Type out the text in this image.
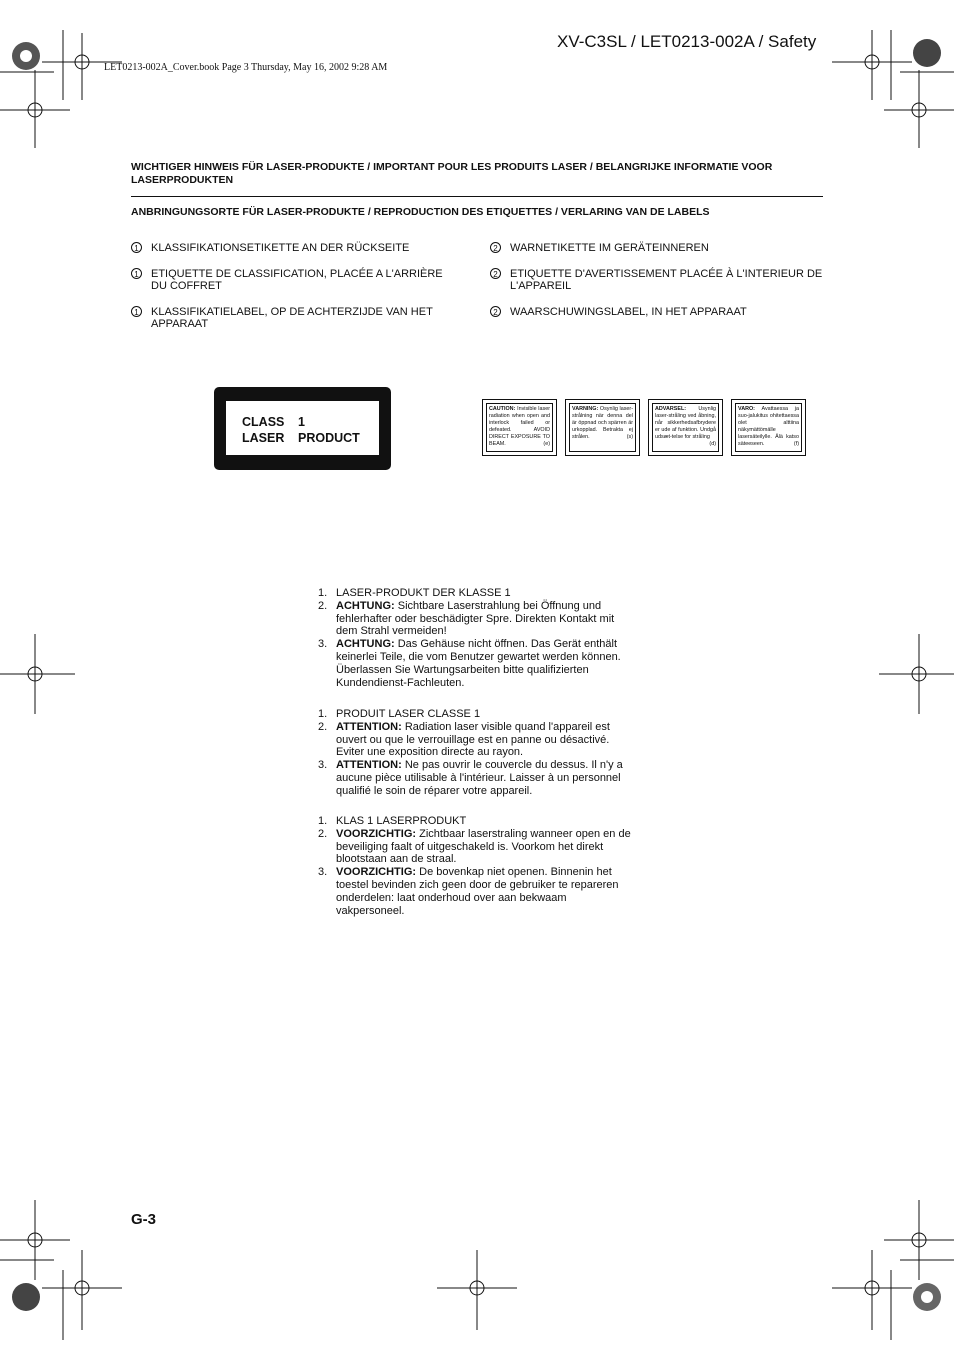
XV-C3SL / LET0213-002A / Safety
LET0213-002A_Cover.book Page 3 Thursday, May 16, 2002 9:28 AM
WICHTIGER HINWEIS FÜR LASER-PRODUKTE / IMPORTANT POUR LES PRODUITS LASER / BELANGRIJKE INFORMATIE VOOR LASERPRODUKTEN
ANBRINGUNGSORTE FÜR LASER-PRODUKTE / REPRODUCTION DES ETIQUETTES / VERLARING VAN DE LABELS
1	KLASSIFIKATIONSETIKETTE AN DER RÜCKSEITE
1	ETIQUETTE DE CLASSIFICATION, PLACÉE A L'ARRIÈRE DU COFFRET
1	KLASSIFIKATIELABEL, OP DE ACHTERZIJDE VAN HET APPARAAT
2	WARNETIKETTE IM GERÄTEINNEREN
2	ETIQUETTE D'AVERTISSEMENT PLACÉE À L'INTERIEUR DE L'APPAREIL
2	WAARSCHUWINGSLABEL, IN HET APPARAAT
CLASS 1
LASER PRODUCT
CAUTION: Invisible laser radiation when open and interlock failed or defeated. AVOID DIRECT EXPOSURE TO BEAM.	(e)
VARNING: Osynlig laser-strålning när denna del är öppnad och spärren är urkopplad. Betrakta ej strålen.	(s)
ADVARSEL: Usynlig laser-stråling ved åbning, når sikkerhedsafbrydere er ude af funktion. Undgå udsæt-telse for stråling
(d)
VARO: Avattaessa ja suo-jalukitus ohitettaessa olet alttiina näkymättömälle lasersäteilylle. Älä katso säteeseen.	(f)
1. LASER-PRODUKT DER KLASSE 1
2. ACHTUNG: Sichtbare Laserstrahlung bei Öffnung und fehlerhafter oder beschädigter Spre. Direkten Kontakt mit dem Strahl vermeiden!
3. ACHTUNG: Das Gehäuse nicht öffnen. Das Gerät enthält keinerlei Teile, die vom Benutzer gewartet werden können. Überlassen Sie Wartungsarbeiten bitte qualifizierten Kundendienst-Fachleuten.
1. PRODUIT LASER CLASSE 1
2. ATTENTION: Radiation laser visible quand l'appareil est ouvert ou que le verrouillage est en panne ou désactivé. Eviter une exposition directe au rayon.
3. ATTENTION: Ne pas ouvrir le couvercle du dessus. Il n'y a aucune pièce utilisable à l'intérieur. Laisser à un personnel qualifié le soin de réparer votre appareil.
1. KLAS 1 LASERPRODUKT
2. VOORZICHTIG: Zichtbaar laserstraling wanneer open en de beveiliging faalt of uitgeschakeld is. Voorkom het direkt blootstaan aan de straal.
3. VOORZICHTIG: De bovenkap niet openen. Binnenin het toestel bevinden zich geen door de gebruiker te repareren onderdelen: laat onderhoud over aan bekwaam vakpersoneel.
G-3
